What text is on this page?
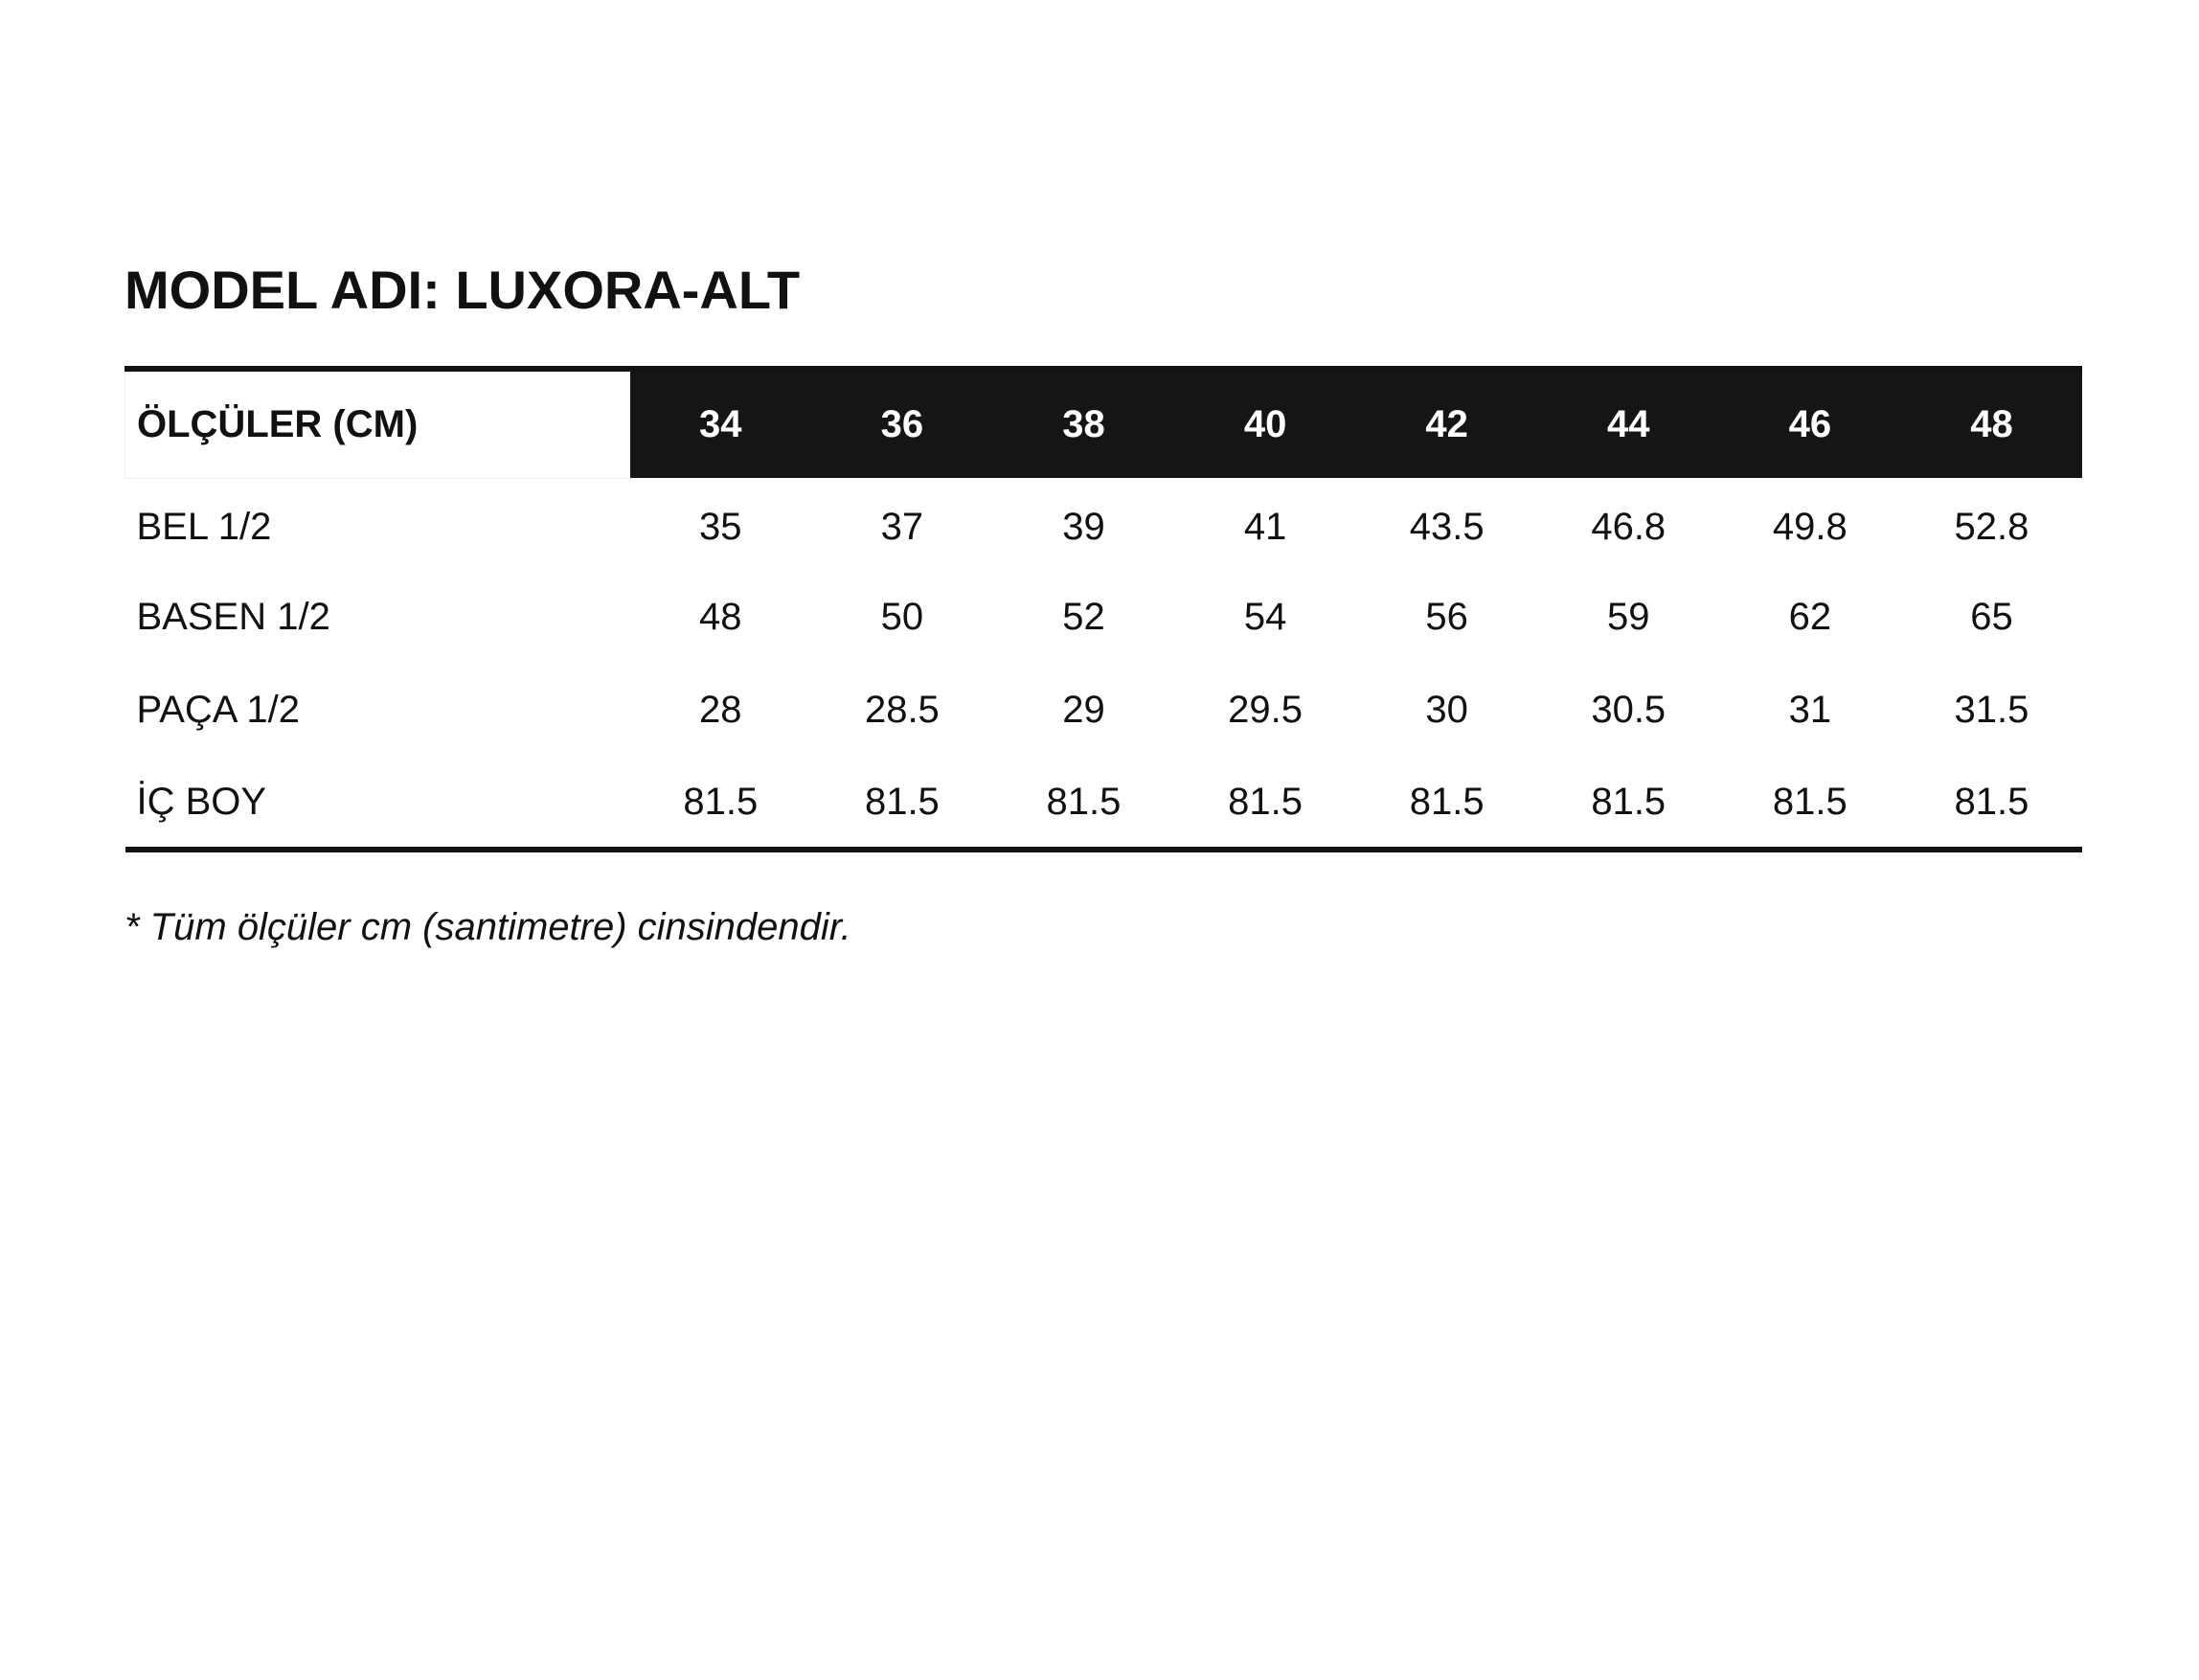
MODEL ADI: LUXORA-ALT
ÖLÇÜLER (CM)	34	36	38	40	42	44	46	48
BEL 1/2	35	37	39	41	43.5	46.8	49.8	52.8
BASEN 1/2	48	50	52	54	56	59	62	65
PAÇA 1/2	28	28.5	29	29.5	30	30.5	31	31.5
İÇ BOY	81.5	81.5	81.5	81.5	81.5	81.5	81.5	81.5

* Tüm ölçüler cm (santimetre) cinsindendir.
